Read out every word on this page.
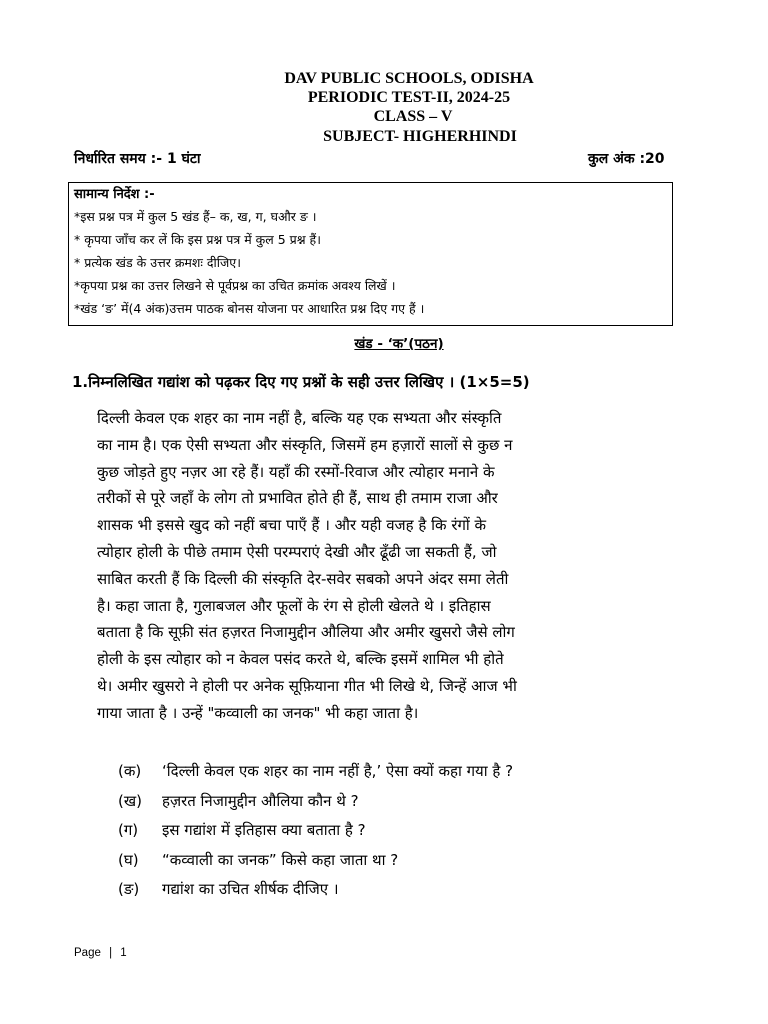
DAV PUBLIC SCHOOLS, ODISHA
PERIODIC TEST-II, 2024-25
CLASS – V
SUBJECT- HIGHERHINDI
निर्धारित समय :- 1 घंटा	कुल अंक :20
सामान्य निर्देश :-
*इस प्रश्न पत्र में कुल 5 खंड हैं– क, ख, ग, घऔर ङ ।
* कृपया जाँच कर लें कि इस प्रश्न पत्र में कुल 5 प्रश्न हैं।
* प्रत्येक खंड के उत्तर क्रमशः दीजिए।
*कृपया प्रश्न का उत्तर लिखने से पूर्वप्रश्न का उचित क्रमांक अवश्य लिखें ।
*खंड ‘ङ’ में(4 अंक)उत्तम पाठक बोनस योजना पर आधारित प्रश्न दिए गए हैं ।
खंड - ‘क’(पठन)
1.निम्नलिखित गद्यांश को पढ़कर दिए गए प्रश्नों के सही उत्तर लिखिए । (1×5=5)
दिल्ली केवल एक शहर का नाम नहीं है, बल्कि यह एक सभ्यता और संस्कृति
का नाम है। एक ऐसी सभ्यता और संस्कृति, जिसमें हम हज़ारों सालों से कुछ न
कुछ जोड़ते हुए नज़र आ रहे हैं। यहाँ की रस्मों-रिवाज और त्योहार मनाने के
तरीकों से पूरे जहाँ के लोग तो प्रभावित होते ही हैं, साथ ही तमाम राजा और
शासक भी इससे खुद को नहीं बचा पाएँ हैं । और यही वजह है कि रंगों के
त्योहार होली के पीछे तमाम ऐसी परम्पराएं देखी और ढूँढी जा सकती हैं, जो
साबित करती हैं कि दिल्ली की संस्कृति देर-सवेर सबको अपने अंदर समा लेती
है। कहा जाता है, गुलाबजल और फूलों के रंग से होली खेलते थे । इतिहास
बताता है कि सूफ़ी संत हज़रत निजामुद्दीन औलिया और अमीर खुसरो जैसे लोग
होली के इस त्योहार को न केवल पसंद करते थे, बल्कि इसमें शामिल भी होते
थे। अमीर खुसरो ने होली पर अनेक सूफ़ियाना गीत भी लिखे थे, जिन्हें आज भी
गाया जाता है । उन्हें "कव्वाली का जनक" भी कहा जाता है।
(क) ‘दिल्ली केवल एक शहर का नाम नहीं है,’ ऐसा क्यों कहा गया है ?
(ख) हज़रत निजामुद्दीन औलिया कौन थे ?
(ग) इस गद्यांश में इतिहास क्या बताता है ?
(घ) “कव्वाली का जनक” किसे कहा जाता था ?
(ङ) गद्यांश का उचित शीर्षक दीजिए ।
Page | 1
